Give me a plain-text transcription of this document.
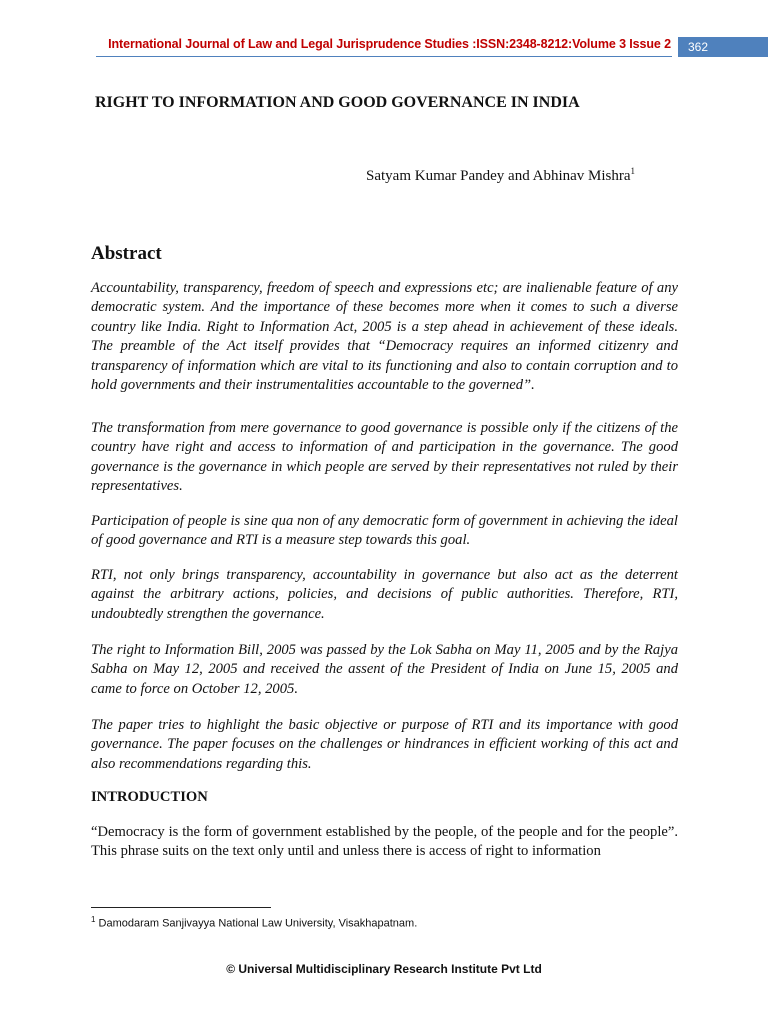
International Journal of Law and Legal Jurisprudence Studies :ISSN:2348-8212:Volume 3 Issue 2	362
RIGHT TO INFORMATION AND GOOD GOVERNANCE IN INDIA
Satyam Kumar Pandey and Abhinav Mishra$^1$
Abstract

Accountability, transparency, freedom of speech and expressions etc; are inalienable feature of any democratic system. And the importance of these becomes more when it comes to such a diverse country like India. Right to Information Act, 2005 is a step ahead in achievement of these ideals. The preamble of the Act itself provides that “Democracy requires an informed citizenry and transparency of information which are vital to its functioning and also to contain corruption and to hold governments and their instrumentalities accountable to the governed”.

The transformation from mere governance to good governance is possible only if the citizens of the country have right and access to information of and participation in the governance. The good governance is the governance in which people are served by their representatives not ruled by their representatives.

Participation of people is sine qua non of any democratic form of government in achieving the ideal of good governance and RTI is a measure step towards this goal.

RTI, not only brings transparency, accountability in governance but also act as the deterrent against the arbitrary actions, policies, and decisions of public authorities. Therefore, RTI, undoubtedly strengthen the governance.

The right to Information Bill, 2005 was passed by the Lok Sabha on May 11, 2005 and by the Rajya Sabha on May 12, 2005 and received the assent of the President of India on June 15, 2005 and came to force on October 12, 2005.

The paper tries to highlight the basic objective or purpose of RTI and its importance with good governance. The paper focuses on the challenges or hindrances in efficient working of this act and also recommendations regarding this.

INTRODUCTION

“Democracy is the form of government established by the people, of the people and for the people”. This phrase suits on the text only until and unless there is access of right to information

$^1$ Damodaram Sanjivayya National Law University, Visakhapatnam.
© Universal Multidisciplinary Research Institute Pvt Ltd
